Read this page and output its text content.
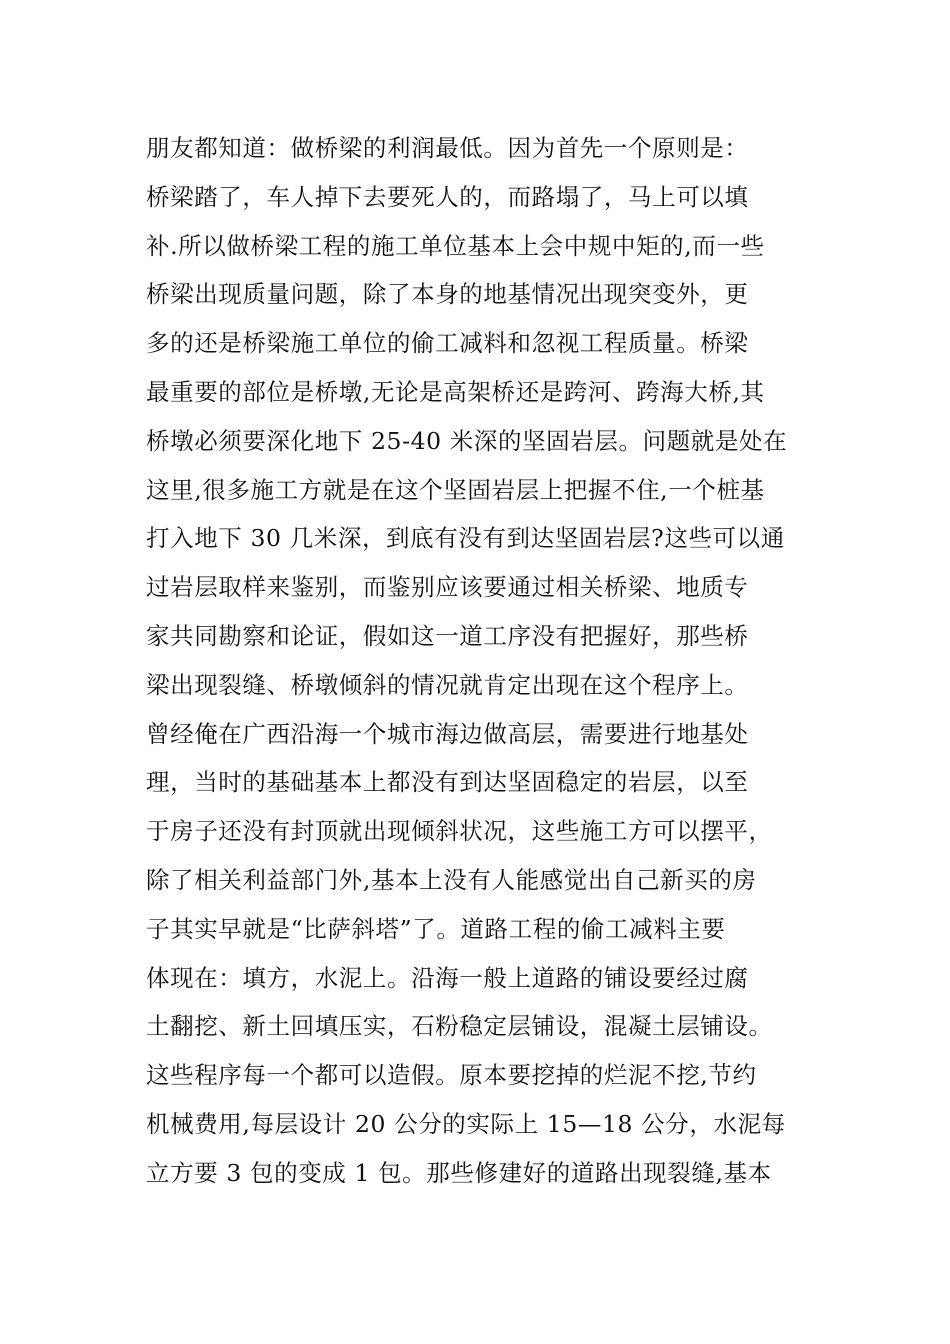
朋友都知道：做桥梁的利润最低。因为首先一个原则是：
桥梁踏了，车人掉下去要死人的，而路塌了，马上可以填
补.所以做桥梁工程的施工单位基本上会中规中矩的,而一些
桥梁出现质量问题，除了本身的地基情况出现突变外，更
多的还是桥梁施工单位的偷工减料和忽视工程质量。桥梁
最重要的部位是桥墩,无论是高架桥还是跨河、跨海大桥,其
桥墩必须要深化地下 25-40 米深的坚固岩层。问题就是处在
这里,很多施工方就是在这个坚固岩层上把握不住,一个桩基
打入地下 30 几米深，到底有没有到达坚固岩层?这些可以通
过岩层取样来鉴别，而鉴别应该要通过相关桥梁、地质专
家共同勘察和论证，假如这一道工序没有把握好，那些桥
梁出现裂缝、桥墩倾斜的情况就肯定出现在这个程序上。
曾经俺在广西沿海一个城市海边做高层，需要进行地基处
理，当时的基础基本上都没有到达坚固稳定的岩层，以至
于房子还没有封顶就出现倾斜状况，这些施工方可以摆平，
除了相关利益部门外,基本上没有人能感觉出自己新买的房
子其实早就是“比萨斜塔”了。道路工程的偷工减料主要
体现在：填方，水泥上。沿海一般上道路的铺设要经过腐
土翻挖、新土回填压实，石粉稳定层铺设，混凝土层铺设。
这些程序每一个都可以造假。原本要挖掉的烂泥不挖,节约
机械费用,每层设计 20 公分的实际上 15—18 公分，水泥每
立方要 3 包的变成 1 包。那些修建好的道路出现裂缝,基本
